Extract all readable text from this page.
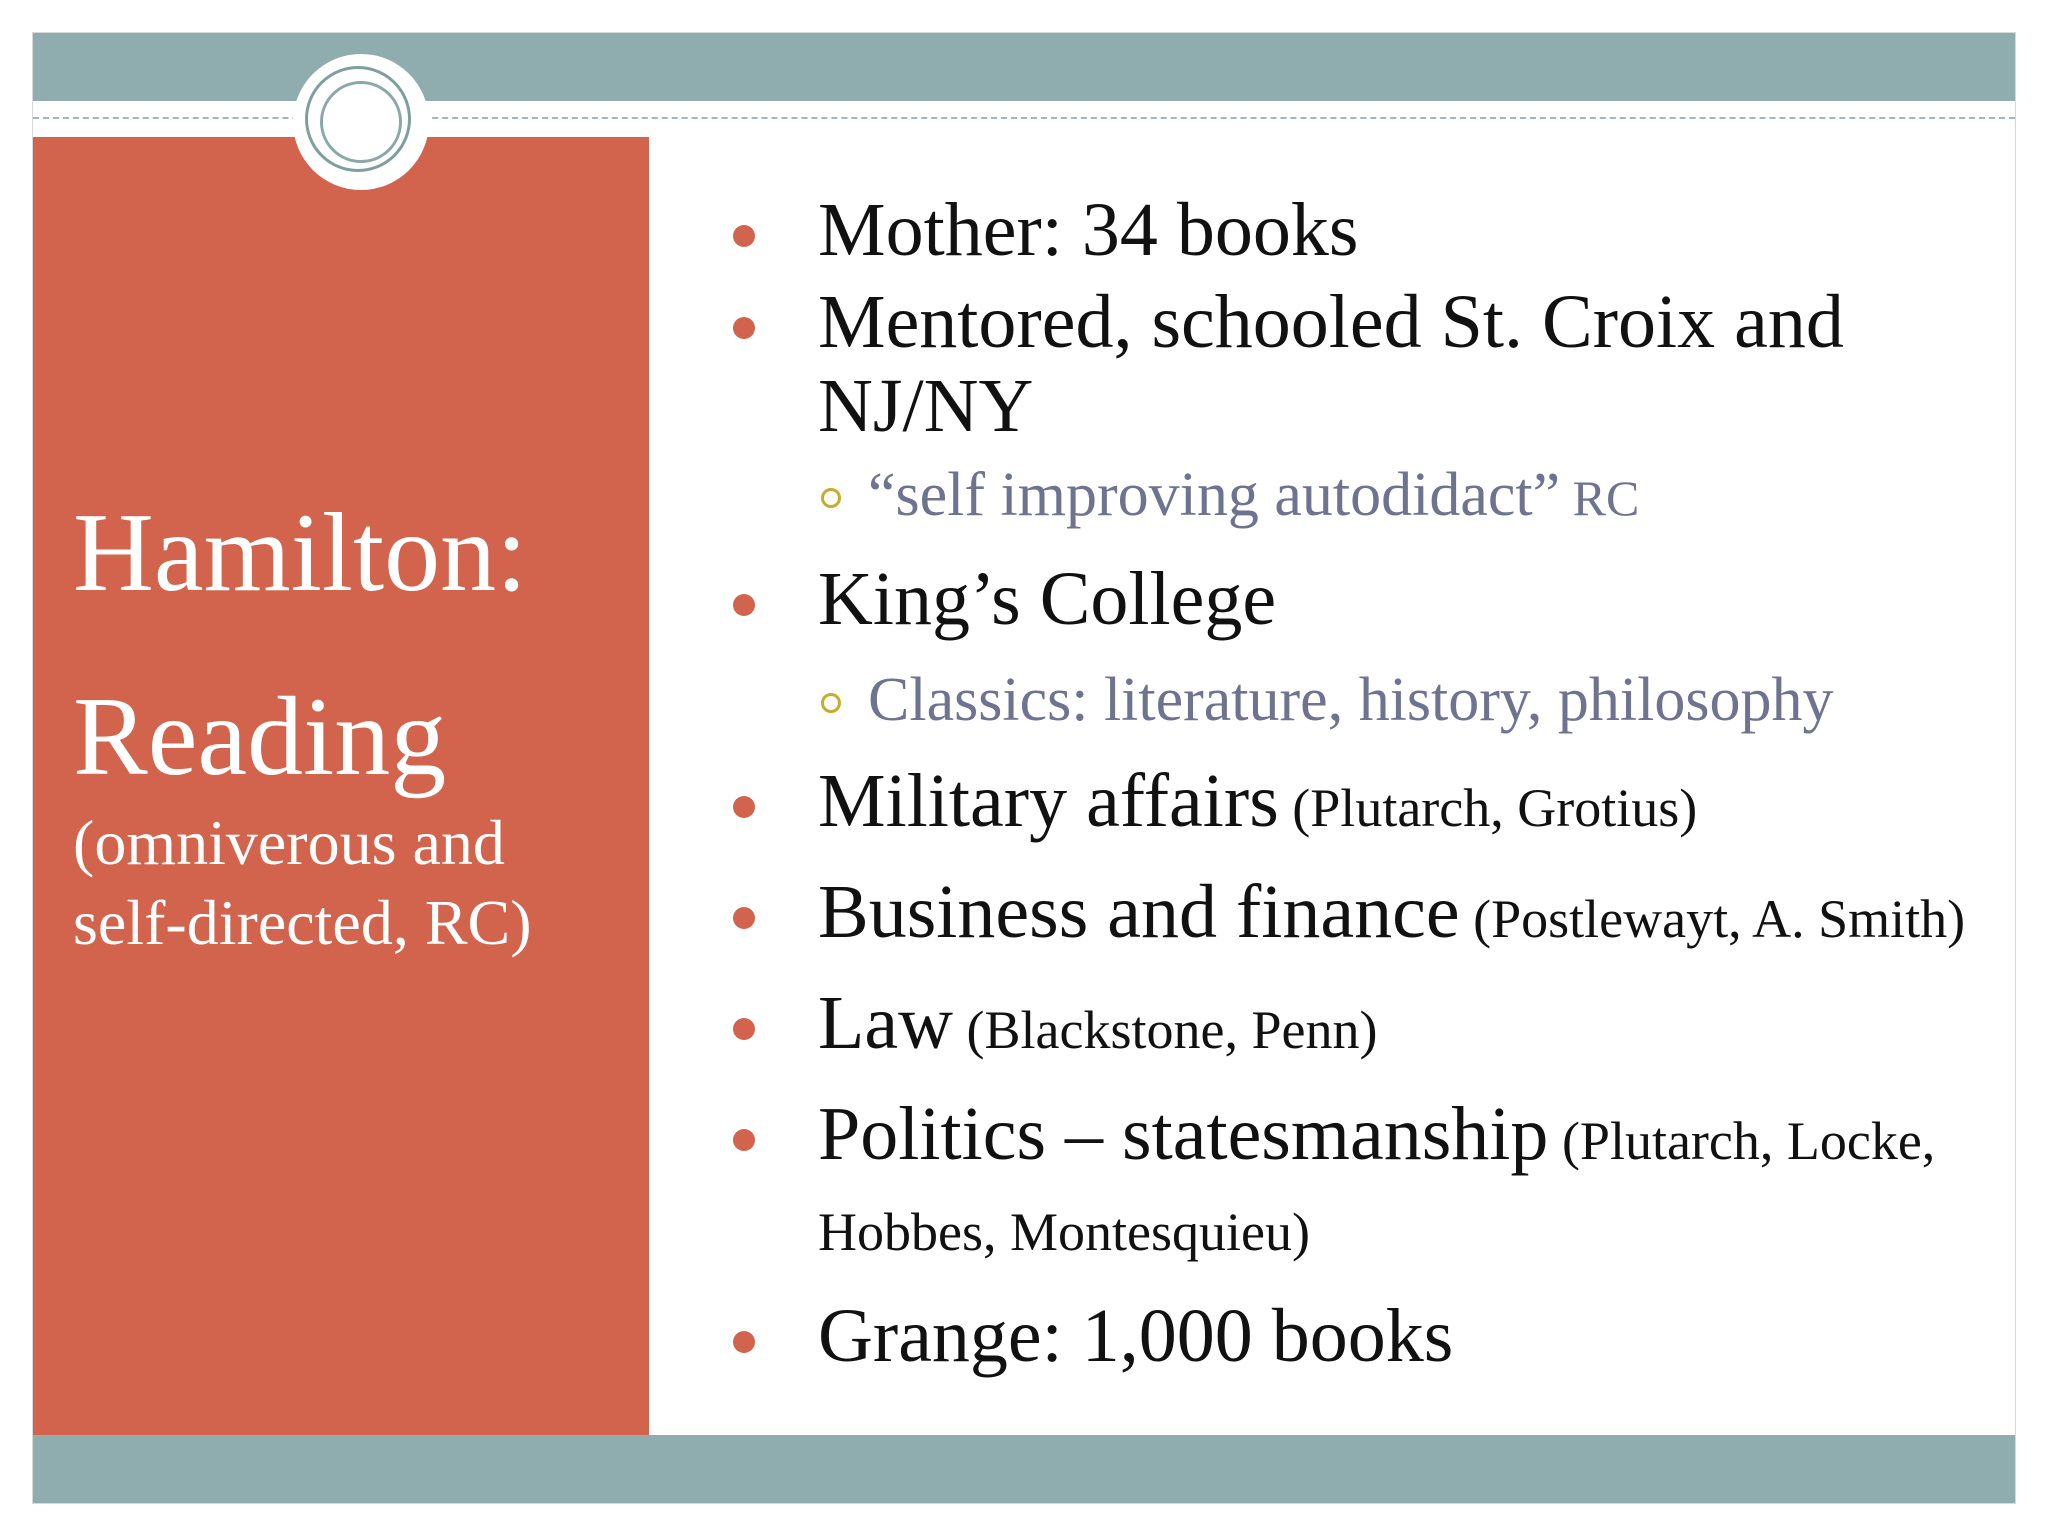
Hamilton:
Reading
(omniverous and self-directed, RC)
Mother: 34 books
Mentored, schooled St. Croix and NJ/NY
“self improving autodidact” RC
King’s College
Classics: literature, history, philosophy
Military affairs (Plutarch, Grotius)
Business and finance (Postlewayt, A. Smith)
Law (Blackstone, Penn)
Politics – statesmanship (Plutarch, Locke, Hobbes, Montesquieu)
Grange: 1,000 books
